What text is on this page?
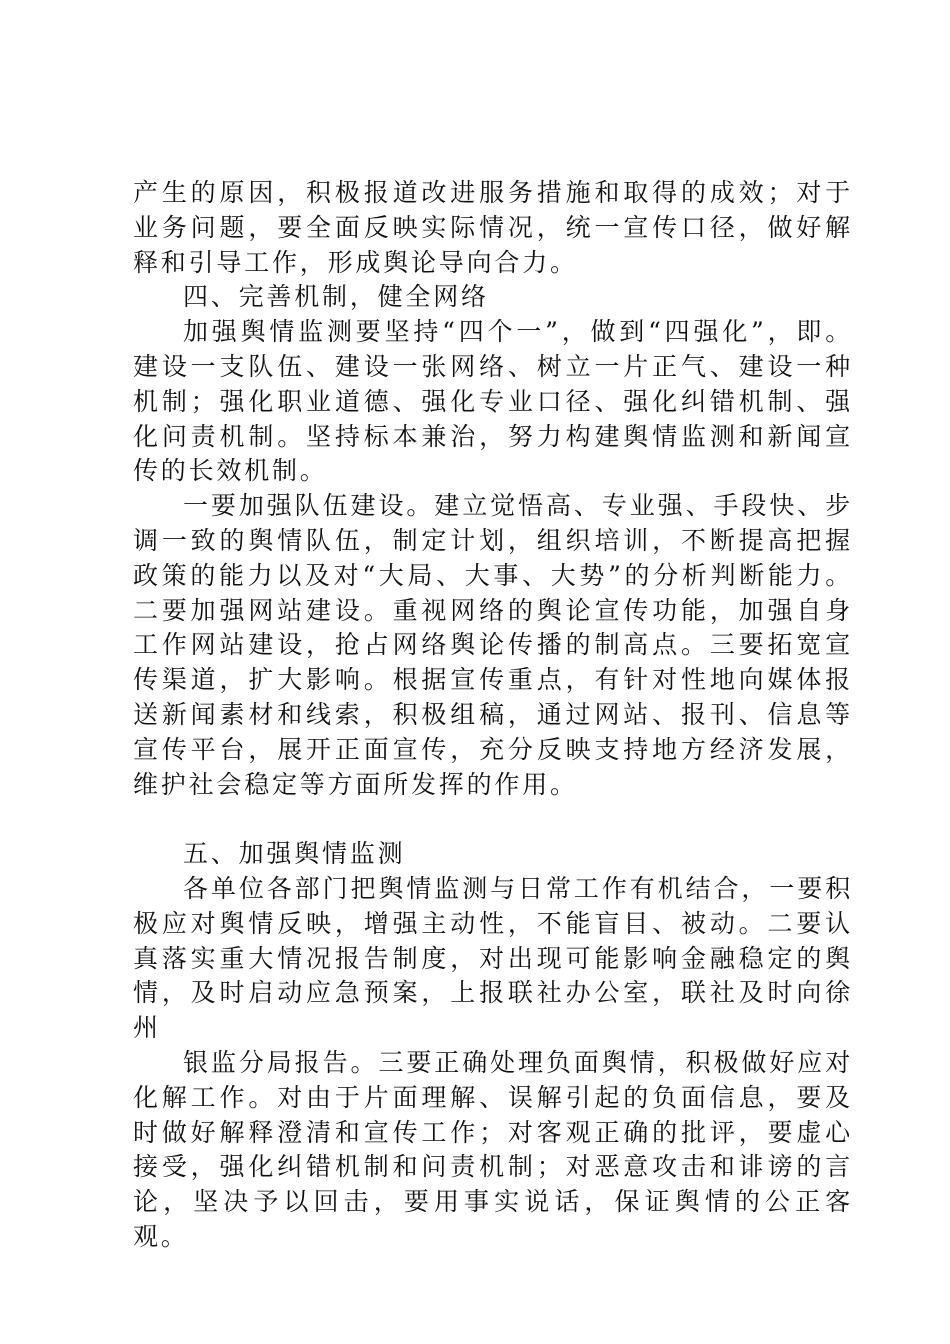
产生的原因，积极报道改进服务措施和取得的成效；对于业务问题，要全面反映实际情况，统一宣传口径，做好解释和引导工作，形成舆论导向合力。

四、完善机制，健全网络

加强舆情监测要坚持“四个一”，做到“四强化”，即。建设一支队伍、建设一张网络、树立一片正气、建设一种机制；强化职业道德、强化专业口径、强化纠错机制、强化问责机制。坚持标本兼治，努力构建舆情监测和新闻宣传的长效机制。

一要加强队伍建设。建立觉悟高、专业强、手段快、步调一致的舆情队伍，制定计划，组织培训，不断提高把握政策的能力以及对“大局、大事、大势”的分析判断能力。二要加强网站建设。重视网络的舆论宣传功能，加强自身工作网站建设，抢占网络舆论传播的制高点。三要拓宽宣传渠道，扩大影响。根据宣传重点，有针对性地向媒体报送新闻素材和线索，积极组稿，通过网站、报刊、信息等宣传平台，展开正面宣传，充分反映支持地方经济发展，维护社会稳定等方面所发挥的作用。

五、加强舆情监测

各单位各部门把舆情监测与日常工作有机结合，一要积极应对舆情反映，增强主动性，不能盲目、被动。二要认真落实重大情况报告制度，对出现可能影响金融稳定的舆情，及时启动应急预案，上报联社办公室，联社及时向徐州

银监分局报告。三要正确处理负面舆情，积极做好应对化解工作。对由于片面理解、误解引起的负面信息，要及时做好解释澄清和宣传工作；对客观正确的批评，要虚心接受，强化纠错机制和问责机制；对恶意攻击和诽谤的言论，坚决予以回击，要用事实说话，保证舆情的公正客观。
